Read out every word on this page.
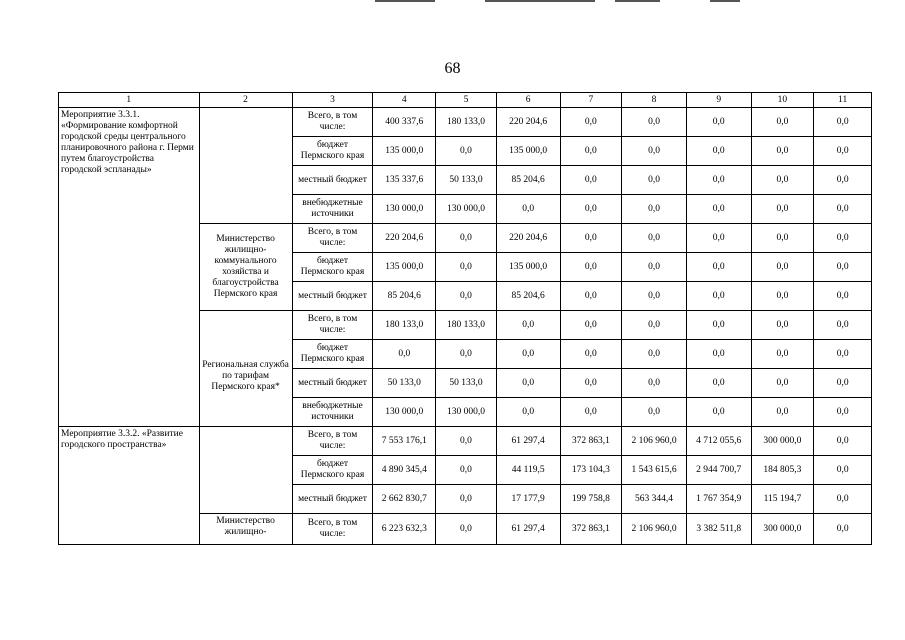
68
1	2	3	4	5	6	7	8	9	10	11
Мероприятие 3.3.1. «Формирование комфортной городской среды центрального планировочного района г. Перми путем благоустройства городской эспланады»		Всего, в том числе:	400 337,6	180 133,0	220 204,6	0,0	0,0	0,0	0,0	0,0
		бюджет Пермского края	135 000,0	0,0	135 000,0	0,0	0,0	0,0	0,0	0,0
		местный бюджет	135 337,6	50 133,0	85 204,6	0,0	0,0	0,0	0,0	0,0
		внебюджетные источники	130 000,0	130 000,0	0,0	0,0	0,0	0,0	0,0	0,0
	Министерство жилищно-коммунального хозяйства и благоустройства Пермского края	Всего, в том числе:	220 204,6	0,0	220 204,6	0,0	0,0	0,0	0,0	0,0
		бюджет Пермского края	135 000,0	0,0	135 000,0	0,0	0,0	0,0	0,0	0,0
		местный бюджет	85 204,6	0,0	85 204,6	0,0	0,0	0,0	0,0	0,0
	Региональная служба по тарифам Пермского края*	Всего, в том числе:	180 133,0	180 133,0	0,0	0,0	0,0	0,0	0,0	0,0
		бюджет Пермского края	0,0	0,0	0,0	0,0	0,0	0,0	0,0	0,0
		местный бюджет	50 133,0	50 133,0	0,0	0,0	0,0	0,0	0,0	0,0
		внебюджетные источники	130 000,0	130 000,0	0,0	0,0	0,0	0,0	0,0	0,0
Мероприятие 3.3.2. «Развитие городского пространства»		Всего, в том числе:	7 553 176,1	0,0	61 297,4	372 863,1	2 106 960,0	4 712 055,6	300 000,0	0,0
		бюджет Пермского края	4 890 345,4	0,0	44 119,5	173 104,3	1 543 615,6	2 944 700,7	184 805,3	0,0
		местный бюджет	2 662 830,7	0,0	17 177,9	199 758,8	563 344,4	1 767 354,9	115 194,7	0,0
	Министерство жилищно-	Всего, в том числе:	6 223 632,3	0,0	61 297,4	372 863,1	2 106 960,0	3 382 511,8	300 000,0	0,0
